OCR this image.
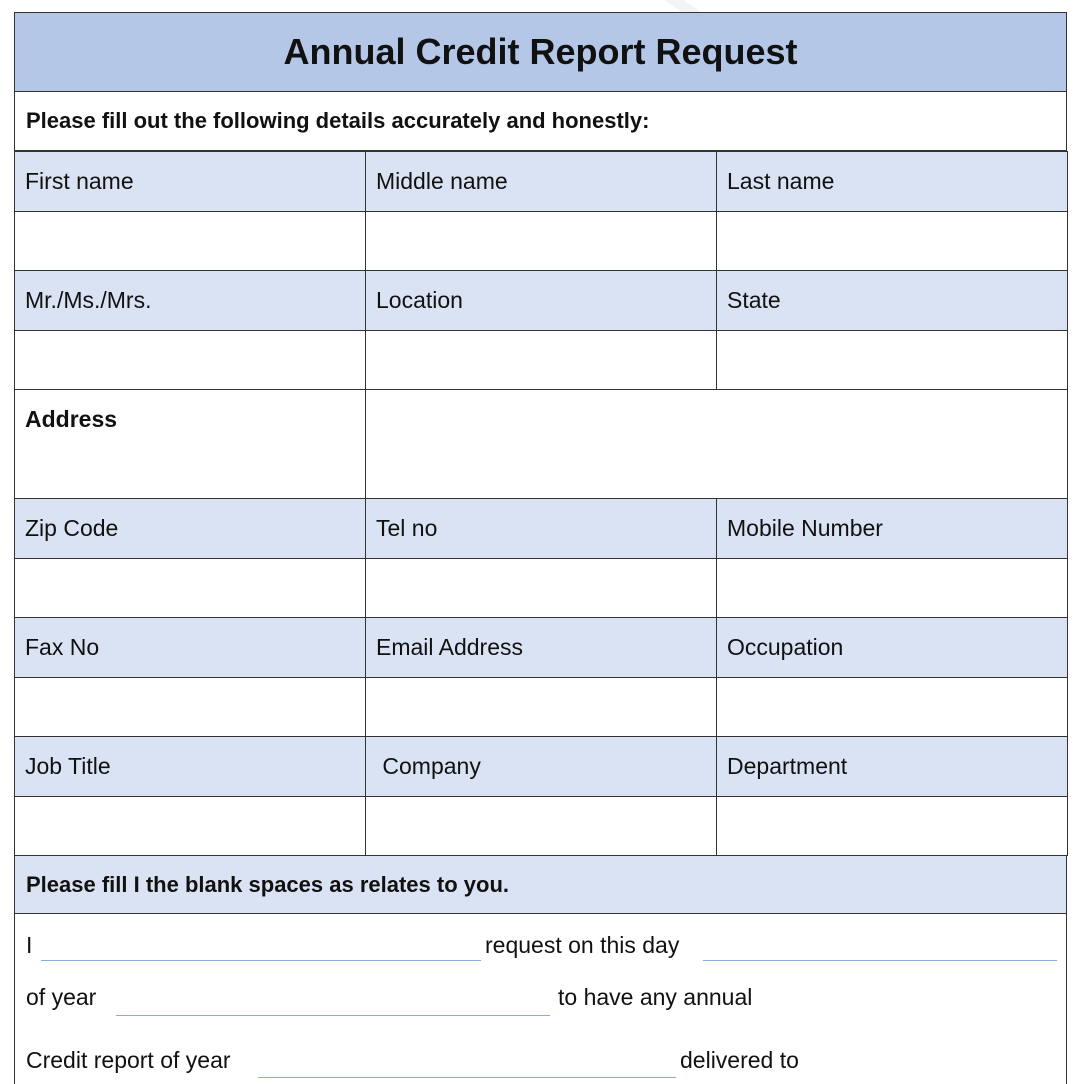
Annual Credit Report Request
Please fill out the following details accurately and honestly:
First name	Middle name	Last name

Mr./Ms./Mrs.	Location	State

Address		
Zip Code	Tel no	Mobile Number

Fax No	Email Address	Occupation

Job Title	Company	Department

Please fill I the blank spaces as relates to you.
I	request on this day
of year	to have any annual
Credit report of year	delivered to
